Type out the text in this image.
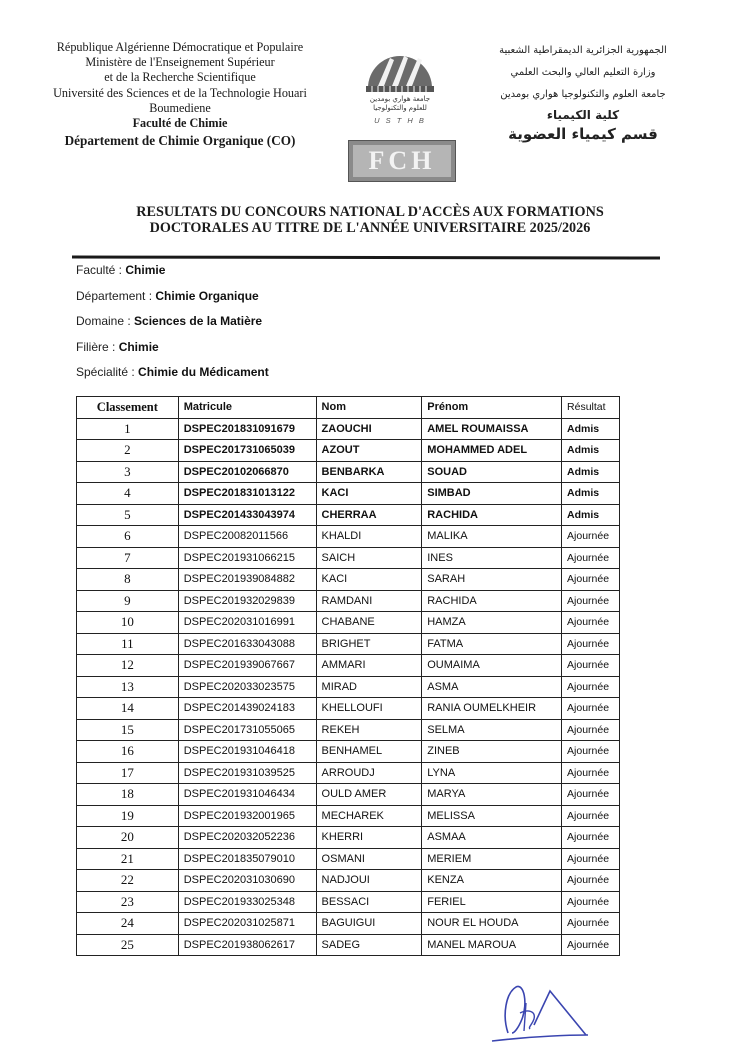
République Algérienne Démocratique et Populaire
Ministère de l'Enseignement Supérieur
et de la Recherche Scientifique
Université des Sciences et de la Technologie Houari
Boumediene
Faculté de Chimie
Département de Chimie Organique (CO)
جامعة هواري بومدين
للعلوم والتكنولوجيا
U S T H B
FCH
الجمهورية الجزائرية الديمقراطية الشعبية
وزارة التعليم العالي والبحث العلمي
جامعة العلوم والتكنولوجيا هواري بومدين
كلية الكيمياء
قسم كيمياء العضوية
RESULTATS DU CONCOURS NATIONAL D'ACCÈS AUX FORMATIONS
DOCTORALES AU TITRE DE L'ANNÉE UNIVERSITAIRE 2025/2026
Faculté : Chimie
Département : Chimie Organique
Domaine : Sciences de la Matière
Filière : Chimie
Spécialité : Chimie du Médicament
Classement	Matricule	Nom	Prénom	Résultat
1	DSPEC201831091679	ZAOUCHI	AMEL ROUMAISSA	Admis
2	DSPEC201731065039	AZOUT	MOHAMMED ADEL	Admis
3	DSPEC20102066870	BENBARKA	SOUAD	Admis
4	DSPEC201831013122	KACI	SIMBAD	Admis
5	DSPEC201433043974	CHERRAA	RACHIDA	Admis
6	DSPEC20082011566	KHALDI	MALIKA	Ajournée
7	DSPEC201931066215	SAICH	INES	Ajournée
8	DSPEC201939084882	KACI	SARAH	Ajournée
9	DSPEC201932029839	RAMDANI	RACHIDA	Ajournée
10	DSPEC202031016991	CHABANE	HAMZA	Ajournée
11	DSPEC201633043088	BRIGHET	FATMA	Ajournée
12	DSPEC201939067667	AMMARI	OUMAIMA	Ajournée
13	DSPEC202033023575	MIRAD	ASMA	Ajournée
14	DSPEC201439024183	KHELLOUFI	RANIA OUMELKHEIR	Ajournée
15	DSPEC201731055065	REKEH	SELMA	Ajournée
16	DSPEC201931046418	BENHAMEL	ZINEB	Ajournée
17	DSPEC201931039525	ARROUDJ	LYNA	Ajournée
18	DSPEC201931046434	OULD AMER	MARYA	Ajournée
19	DSPEC201932001965	MECHAREK	MELISSA	Ajournée
20	DSPEC202032052236	KHERRI	ASMAA	Ajournée
21	DSPEC201835079010	OSMANI	MERIEM	Ajournée
22	DSPEC202031030690	NADJOUI	KENZA	Ajournée
23	DSPEC201933025348	BESSACI	FERIEL	Ajournée
24	DSPEC202031025871	BAGUIGUI	NOUR EL HOUDA	Ajournée
25	DSPEC201938062617	SADEG	MANEL MAROUA	Ajournée
